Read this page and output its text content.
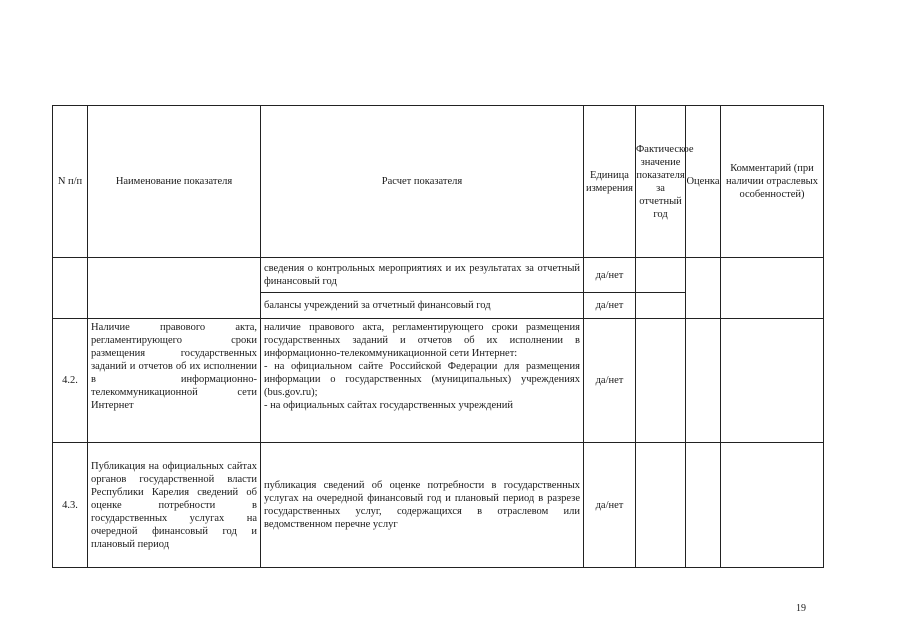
N п/п	Наименование показателя	Расчет показателя	Единица измерения	Фактическое значение показателя за отчетный год	Оценка	Комментарий (при наличии отраслевых особенностей)
		сведения о контрольных мероприятиях и их результатах за отчетный финансовый год	да/нет			
		балансы учреждений за отчетный финансовый год	да/нет			
4.2.	Наличие правового акта, регламентирующего сроки размещения государственных заданий и отчетов об их исполнении в информационно-телекоммуникационной сети Интернет	наличие правового акта, регламентирующего сроки размещения государственных заданий и отчетов об их исполнении в информационно-телекоммуникационной сети Интернет:
- на официальном сайте Российской Федерации для размещения информации о государственных (муниципальных) учреждениях (bus.gov.ru);
- на официальных сайтах государственных учреждений	да/нет			
4.3.	Публикация на официальных сайтах органов государственной власти Республики Карелия сведений об оценке потребности в государственных услугах на очередной финансовый год и плановый период	публикация сведений об оценке потребности в государственных услугах на очередной финансовый год и плановый период в разрезе государственных услуг, содержащихся в отраслевом или ведомственном перечне услуг	да/нет			
19
